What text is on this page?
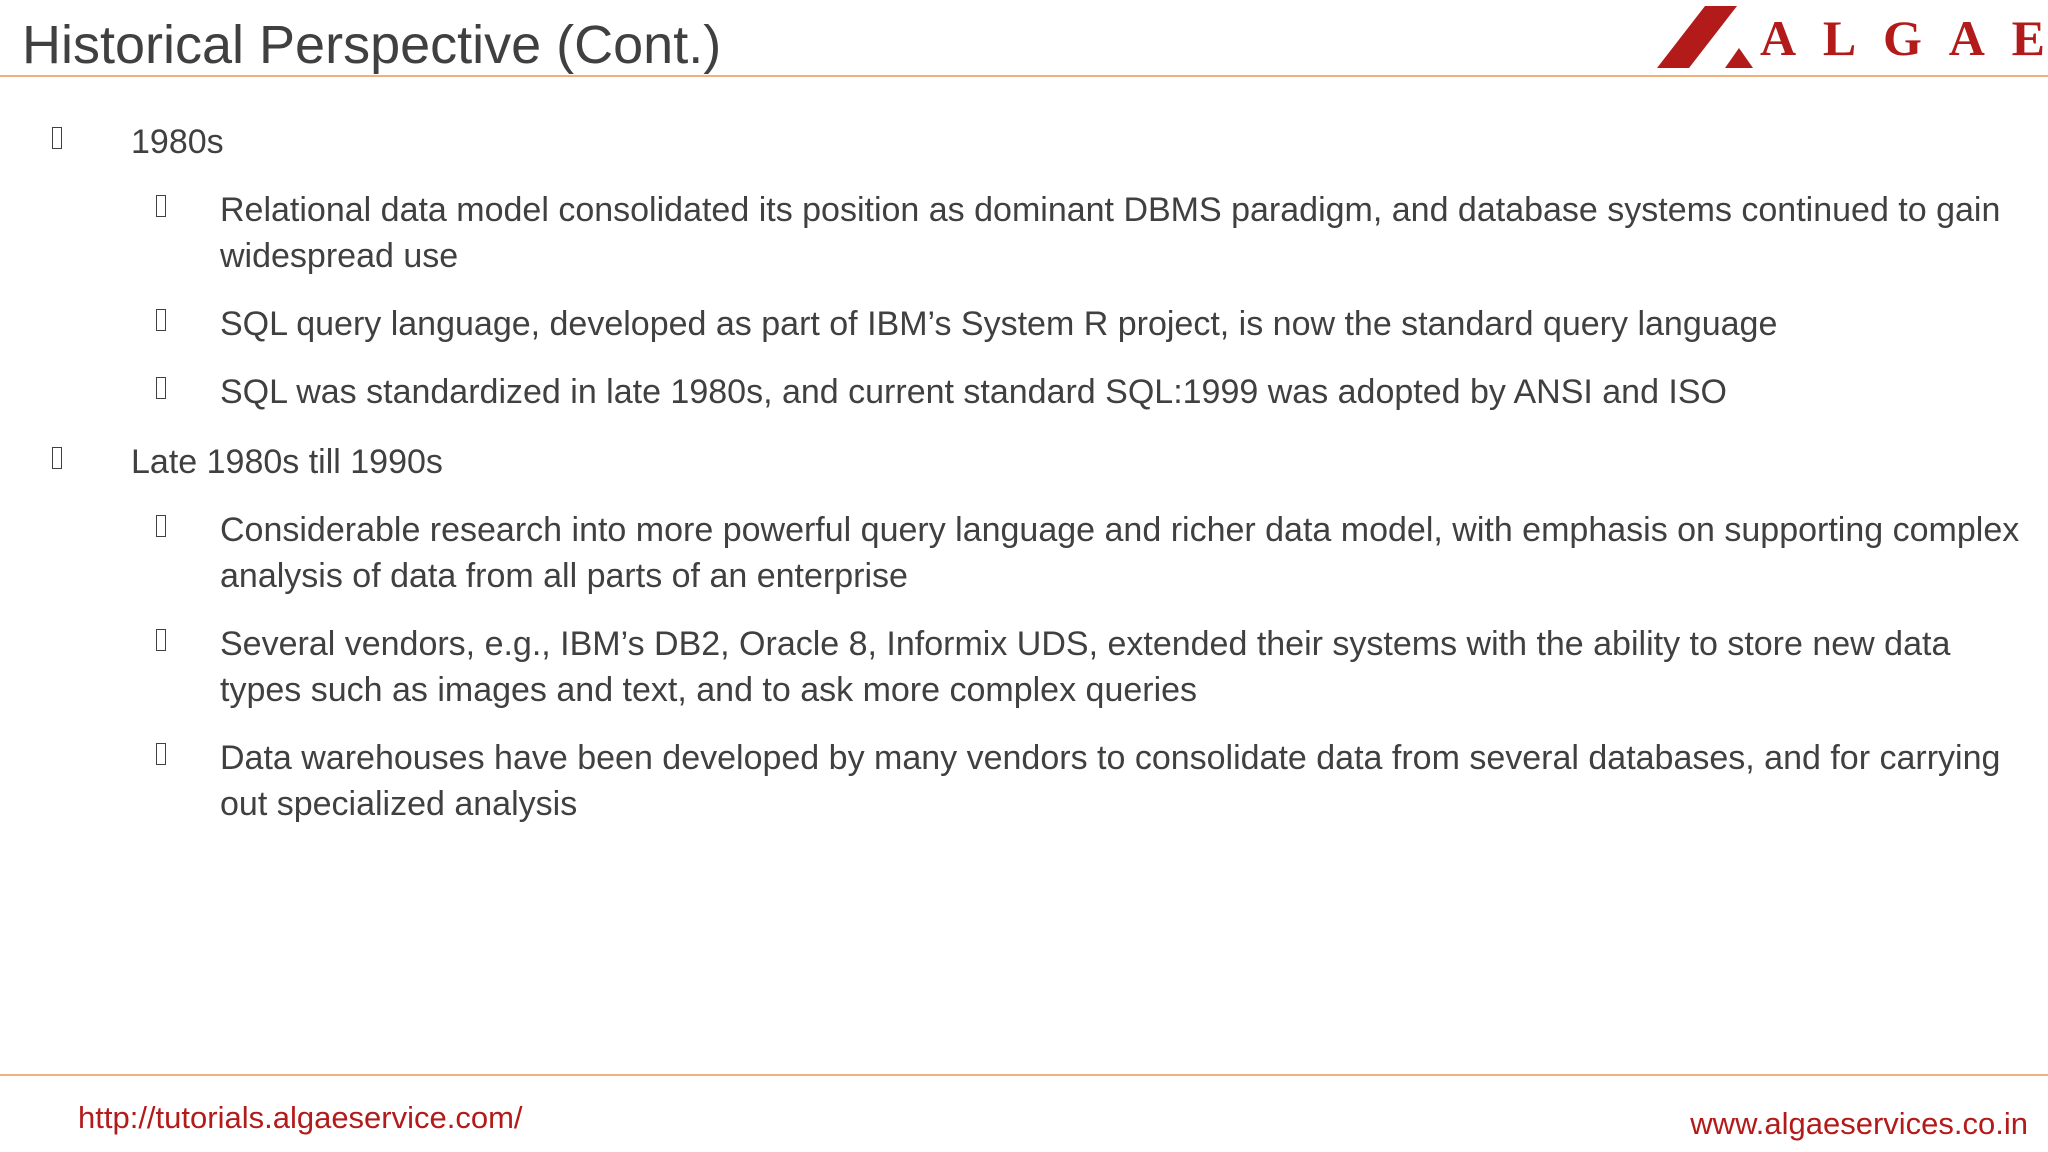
Historical Perspective (Cont.)	A L G A E
1980s
Relational data model consolidated its position as dominant DBMS paradigm, and database systems continued to gain widespread use
SQL query language, developed as part of IBM’s System R project, is now the standard query language
SQL was standardized in late 1980s, and current standard SQL:1999 was adopted by ANSI and ISO
Late 1980s till 1990s
Considerable research into more powerful query language and richer data model, with emphasis on supporting complex analysis of data from all parts of an enterprise
Several vendors, e.g., IBM’s DB2, Oracle 8, Informix UDS, extended their systems with the ability to store new data types such as images and text, and to ask more complex queries
Data warehouses have been developed by many vendors to consolidate data from several databases, and for carrying out specialized analysis
http://tutorials.algaeservice.com/	www.algaeservices.co.in
